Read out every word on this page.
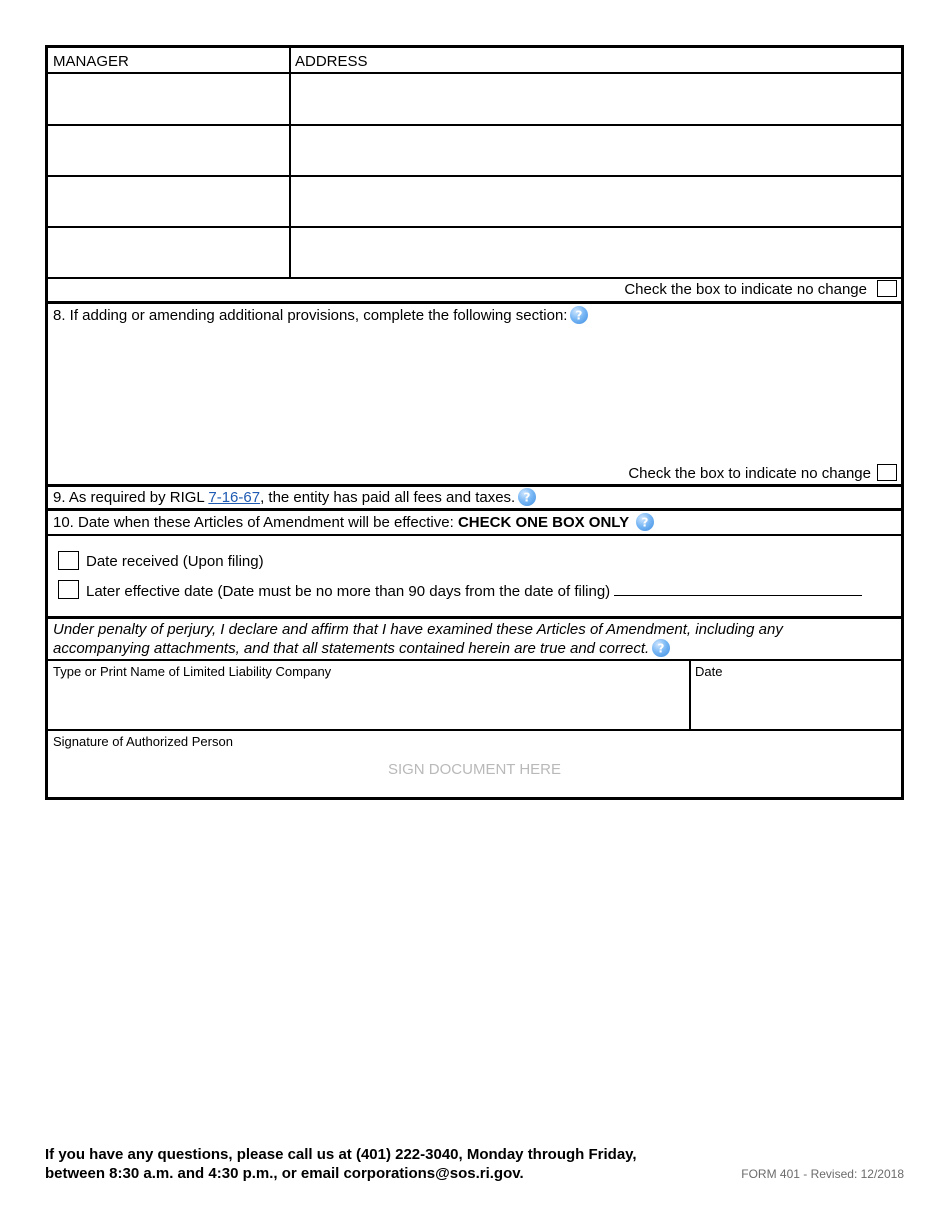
MANAGER	ADDRESS
Check the box to indicate no change
8. If adding or amending additional provisions, complete the following section: ?
Check the box to indicate no change
9. As required by RIGL 7-16-67, the entity has paid all fees and taxes. ?
10. Date when these Articles of Amendment will be effective: CHECK ONE BOX ONLY ?
Date received (Upon filing)
Later effective date (Date must be no more than 90 days from the date of filing)
Under penalty of perjury, I declare and affirm that I have examined these Articles of Amendment, including any
accompanying attachments, and that all statements contained herein are true and correct. ?
Type or Print Name of Limited Liability Company	Date
Signature of Authorized Person
SIGN DOCUMENT HERE
If you have any questions, please call us at (401) 222-3040, Monday through Friday,
between 8:30 a.m. and 4:30 p.m., or email corporations@sos.ri.gov.	FORM 401 - Revised: 12/2018
